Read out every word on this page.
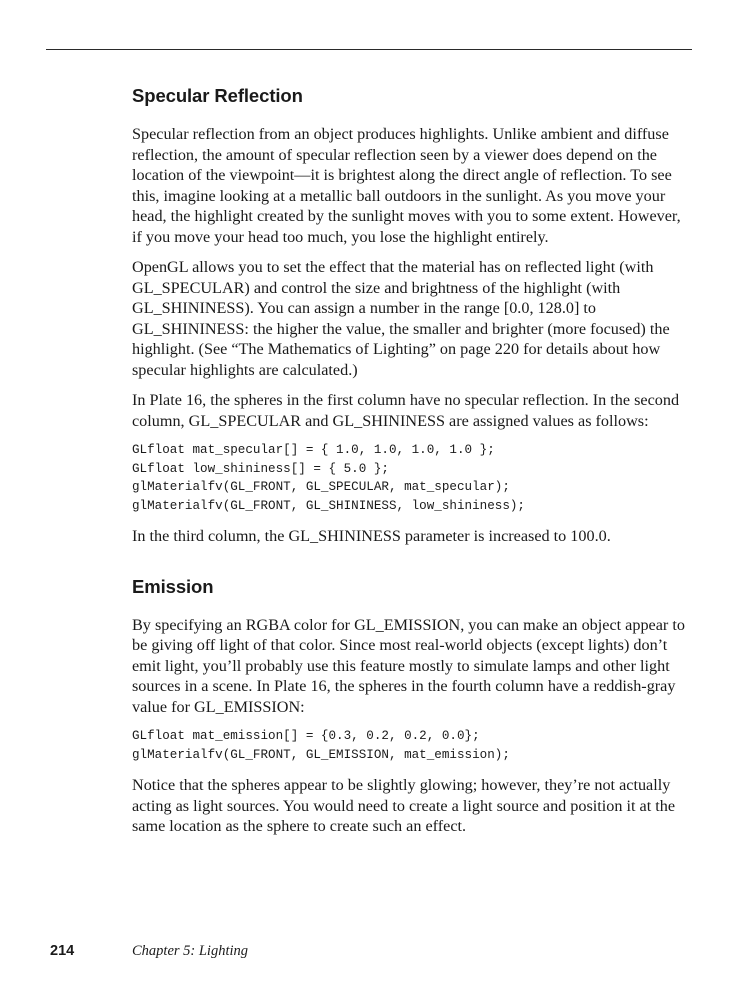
Specular Reflection

Specular reflection from an object produces highlights. Unlike ambient and diffuse reflection, the amount of specular reflection seen by a viewer does depend on the location of the viewpoint—it is brightest along the direct angle of reflection. To see this, imagine looking at a metallic ball outdoors in the sunlight. As you move your head, the highlight created by the sunlight moves with you to some extent. However, if you move your head too much, you lose the highlight entirely.

OpenGL allows you to set the effect that the material has on reflected light (with GL_SPECULAR) and control the size and brightness of the highlight (with GL_SHININESS). You can assign a number in the range [0.0, 128.0] to GL_SHININESS: the higher the value, the smaller and brighter (more focused) the highlight. (See “The Mathematics of Lighting” on page 220 for details about how specular highlights are calculated.)

In Plate 16, the spheres in the first column have no specular reflection. In the second column, GL_SPECULAR and GL_SHININESS are assigned values as follows:

GLfloat mat_specular[] = { 1.0, 1.0, 1.0, 1.0 };
GLfloat low_shininess[] = { 5.0 };
glMaterialfv(GL_FRONT, GL_SPECULAR, mat_specular);
glMaterialfv(GL_FRONT, GL_SHININESS, low_shininess);

In the third column, the GL_SHININESS parameter is increased to 100.0.

Emission

By specifying an RGBA color for GL_EMISSION, you can make an object appear to be giving off light of that color. Since most real-world objects (except lights) don’t emit light, you’ll probably use this feature mostly to simulate lamps and other light sources in a scene. In Plate 16, the spheres in the fourth column have a reddish-gray value for GL_EMISSION:

GLfloat mat_emission[] = {0.3, 0.2, 0.2, 0.0};
glMaterialfv(GL_FRONT, GL_EMISSION, mat_emission);

Notice that the spheres appear to be slightly glowing; however, they’re not actually acting as light sources. You would need to create a light source and position it at the same location as the sphere to create such an effect.

214	Chapter 5: Lighting
